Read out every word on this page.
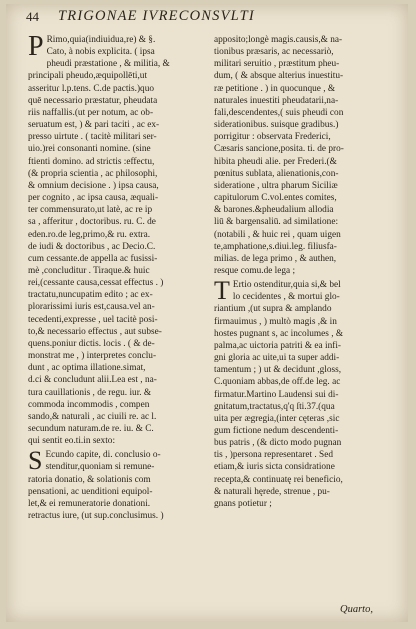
44 TRIGONAE IVRECONSVLTI
P Rimo,quia(indiuidua,re) & §.
Cato, à nobis explicita. ( ipsa
pheudi præstatione , & militia, &
principali pheudo,æquipollēti,ut
asserituɾ l.p.tens. C.de pactis.)quo
quē necessario præstatur, pheudata
riis naffallis.(ut per notum, ac ob-
seruatum est, ) & pari taciti , ac ex-
presso uirtute . ( tacitè militari ser-
uio.)rei consonanti nomine. (sine
ftienti domino. ad strictis :effectu,
(& propria scientia , ac philosophi,
& omnium decisione . ) ipsa causa,
per cognito , ac ipsa causa, æquali-
ter commensurato,ut latè, ac re ip
sa , afferitur , doctoribus. ru. C. de
eden.ro.de leg,primo,& ru. extra.
de iudi & doctoribus , ac Decio.C.
cum cessante.de appella ac fusissi-
mè ,concluditur . Tiraque.& huic
rei,(cessante causa,cessat effectus . )
tractatu,nuncupatim edito ; ac ex-
plorarissimi iuris est,causa.vel an-
tecedenti,expresse , uel tacitè posi-
to,& necessario effectus , aut subse-
quens.poniur dictis. locis . ( & de-
monstrat me , ) interpretes conclu-
dunt , ac optima illatione.simat,
d.ci & concludunt alii.Lea est , na-
tura cauillationis , de regu. iur. &
commoda incommodis , compen
sando,& naturali , ac ciuili re. ac l.
secundum naturam.de re. iu. & C.
qui sentit eo.ti.in sexto:
S Ecundo capite, di. conclusio o-
stenditur,quoniam si remune-
ratoria donatio, & solationis com
pensationi, ac uenditioni equipol-
let,& ei remuneratorie donationi.
retractus iure, (ut sup.conclusimus. )
apposito;longè magis.causis,& na-
tionibus præsaris, ac necessariò,
militari seruitio , præstitum pheu-
dum, ( & absque alterius inuestitu-
ræ petitione . ) in quocunque , &
naturales inuestiti pheudatarii,na-
fali,descendentes,( suis pheudi con
siderationibus. suisque gradibus.)
porrigitur : observata Frederici,
Cæsaris sancione,posita. ti. de pro-
hibita pheudi alie. per Frederi.(&
pœnitus sublata, alienationis,con-
sideratione , ultra pharum Siciliæ
capitulorum C.vol.entes comites,
& barones.&pheudalium allodia
liū & bargensaliū. ad similatione:
(notabili , & huic rei , quam uigen
te,amphatione,s.diui.leg. filiusfa-
milias. de lega primo , & authen,
resque comu.de lega ;
T Ertio ostenditur,quia si,& bel
lo cecidentes , & mortui glo-
riantium ,(ut supra & amplando
firmauimus , ) multò magis ,& in
hostes pugnant s, ac incolumes , &
palma,ac uictoria patriti & ea infi-
gni gloria ac uite,ui ta super addi-
tamentum ; ) ut & decidunt ,gloss,
C.quoniam abbas,de off.de leg. ac
firmatur.Martino Laudensi sui di-
gnitatum,tractatus,q'q ſti.37.(qua
uita per ægregia,(inter cęteras ,sic
gum fictione nedum descendenti-
bus patris , (& dicto modo pugnan
tis , )persona representaret . Sed
etiam,& iuris sicta considratione
recepta,& continuatę rei beneficio,
& naturali hęrede, strenue , pu-
gnans potietur ;
Quarto,
